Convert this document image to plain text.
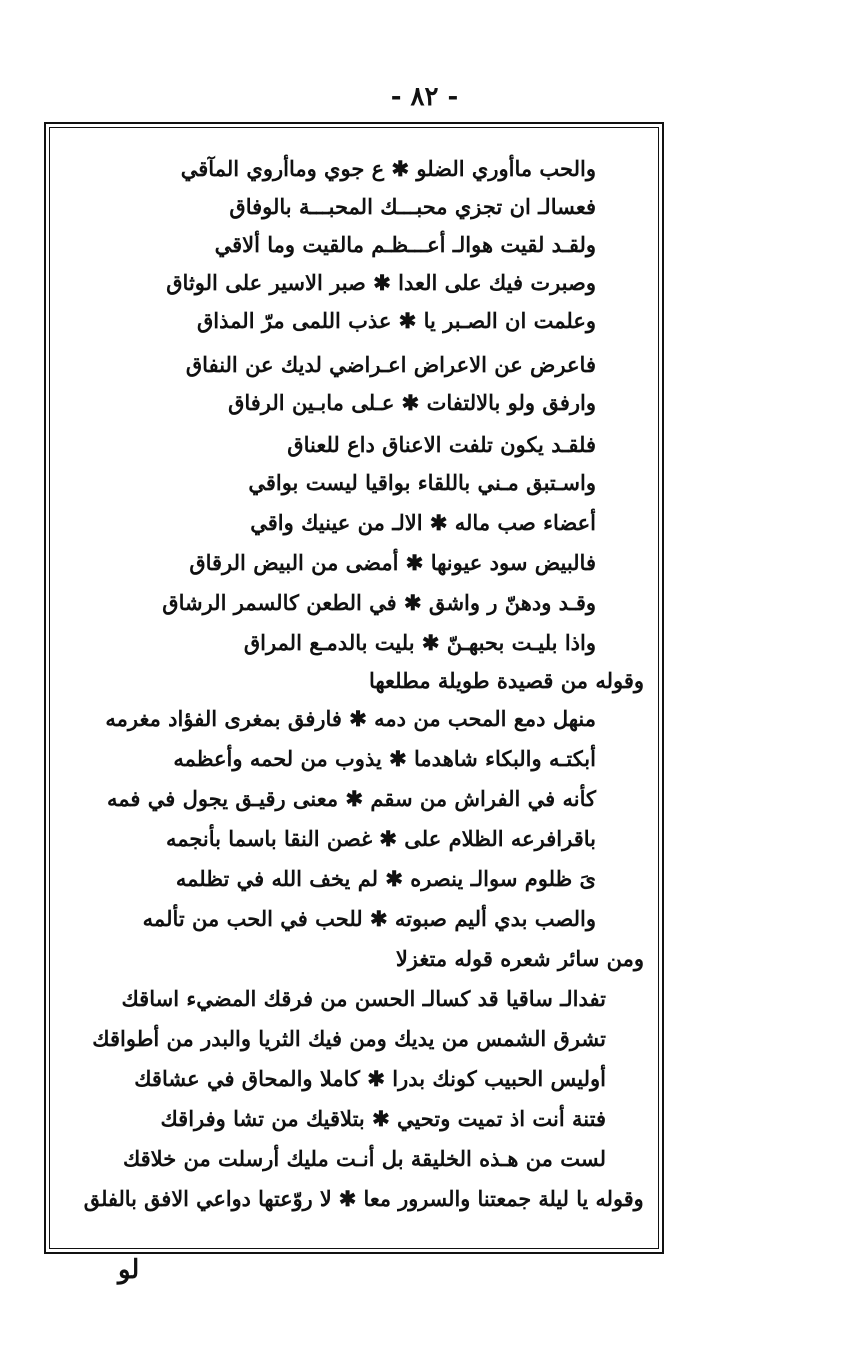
- ٨٢ -
والحب ماأوري الضلو ✱ ع جوي وماأروي المآقي
فعسالـ ان تجزي محبـــك المحبـــة بالوفاق
ولقـد لقيت هوالـ أعـــظـم مالقيت وما ألاقي
وصبرت فيك على العدا ✱ صبر الاسير على الوثاق
وعلمت ان الصـبر يا ✱ عذب اللمى مرّ المذاق
فاعرض عن الاعراض اعـراضي لديك عن النفاق
وارفق ولو بالالتفات ✱ عـلى مابـين الرفاق
فلقـد يكون تلفت الاعناق داع للعناق
واسـتبق مـني باللقاء بواقيا ليست بواقي
أعضاء صب ماله ✱ الالـ من عينيك واقي
فالبيض سود عيونها ✱ أمضى من البيض الرقاق
وقـد ودهنّ ر واشق ✱ في الطعن كالسمر الرشاق
واذا بليـت بحبهـنّ ✱ بليت بالدمـع المراق
وقوله من قصيدة طويلة مطلعها
منهل دمع المحب من دمه ✱ فارفق بمغرى الفؤاد مغرمه
أبكتـه والبكاء شاهدما ✱ يذوب من لحمه وأعظمه
كأنه في الفراش من سقم ✱ معنى رقيـق يجول في فمه
باقرافرعه الظلام على ✱ غصن النقا باسما بأنجمه
ىَ ظلوم سوالـ ينصره ✱ لم يخف الله في تظلمه
والصب بدي أليم صبوته ✱ للحب في الحب من تألمه
ومن سائر شعره قوله متغزلا
تفدالـ ساقيا قد كسالـ الحسن من فرقك المضيء اساقك
تشرق الشمس من يديك ومن فيك الثريا والبدر من أطواقك
أوليس الحبيب كونك بدرا ✱ كاملا والمحاق في عشاقك
فتنة أنت اذ تميت وتحيي ✱ بتلاقيك من تشا وفراقك
لست من هـذه الخليقة بل أنـت مليك أرسلت من خلاقك
وقوله يا ليلة جمعتنا والسرور معا ✱ لا روّعتها دواعي الافق بالفلق
لو
